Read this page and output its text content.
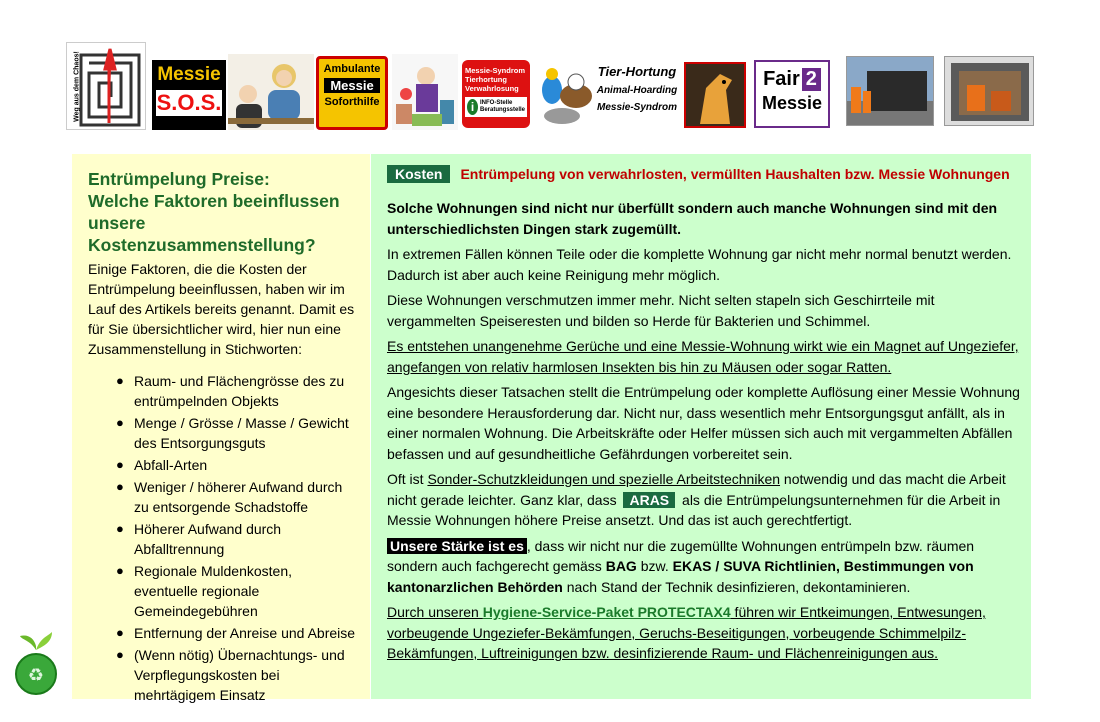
Weg aus dem Chaos!	Messie
S.O.S.
Ambulante
Messie
Soforthilfe
Messie-Syndrom
Tierhortung
Verwahrlosung
i INFO-Stelle
Beratungsstelle
Tier-Hortung
Animal-Hoarding
Messie-Syndrom
Fair 2
Messie
Entrümpelung Preise:
Welche Faktoren beeinflussen
unsere Kostenzusammenstellung?
Einige Faktoren, die die Kosten der Entrümpelung beeinflussen, haben wir im Lauf des Artikels bereits genannt. Damit es für Sie übersichtlicher wird, hier nun eine Zusammenstellung in Stichworten:
● Raum- und Flächengrösse des zu entrümpelnden Objekts
● Menge / Grösse / Masse / Gewicht des Entsorgungsguts
● Abfall-Arten
● Weniger / höherer Aufwand durch zu entsorgende Schadstoffe
● Höherer Aufwand durch Abfalltrennung
● Regionale Muldenkosten, eventuelle regionale Gemeindegebühren
● Entfernung der Anreise und Abreise
● (Wenn nötig) Übernachtungs- und Verpflegungskosten bei mehrtägigem Einsatz
Kosten	Entrümpelung von verwahrlosten, vermüllten Haushalten bzw. Messie Wohnungen
Solche Wohnungen sind nicht nur überfüllt sondern auch manche Wohnungen sind mit den unterschiedlichsten Dingen stark zugemüllt.
In extremen Fällen können Teile oder die komplette Wohnung gar nicht mehr normal benutzt werden. Dadurch ist aber auch keine Reinigung mehr möglich.
Diese Wohnungen verschmutzen immer mehr. Nicht selten stapeln sich Geschirrteile mit vergammelten Speiseresten und bilden so Herde für Bakterien und Schimmel.
Es entstehen unangenehme Gerüche und eine Messie-Wohnung wirkt wie ein Magnet auf Ungeziefer, angefangen von relativ harmlosen Insekten bis hin zu Mäusen oder sogar Ratten.
Angesichts dieser Tatsachen stellt die Entrümpelung oder komplette Auflösung einer Messie Wohnung eine besondere Herausforderung dar. Nicht nur, dass wesentlich mehr Entsorgungsgut anfällt, als in einer normalen Wohnung. Die Arbeitskräfte oder Helfer müssen sich auch mit vergammelten Abfällen befassen und auf gesundheitliche Gefährdungen vorbereitet sein.
Oft ist Sonder-Schutzkleidungen und spezielle Arbeitstechniken notwendig und das macht die Arbeit nicht gerade leichter. Ganz klar, dass ARAS als die Entrümpelungsunternehmen für die Arbeit in Messie Wohnungen höhere Preise ansetzt. Und das ist auch gerechtfertigt.
Unsere Stärke ist es , dass wir nicht nur die zugemüllte Wohnungen entrümpeln bzw. räumen sondern auch fachgerecht gemäss BAG bzw. EKAS / SUVA Richtlinien, Bestimmungen von kantonarzlichen Behörden nach Stand der Technik desinfizieren, dekontaminieren.
Durch unseren Hygiene-Service-Paket PROTECTAX4 führen wir Entkeimungen, Entwesungen, vorbeugende Ungeziefer-Bekämfungen, Geruchs-Beseitigungen, vorbeugende Schimmelpilz-Bekämfungen, Luftreinigungen bzw. desinfizierende Raum- und Flächenreinigungen aus.
♻
